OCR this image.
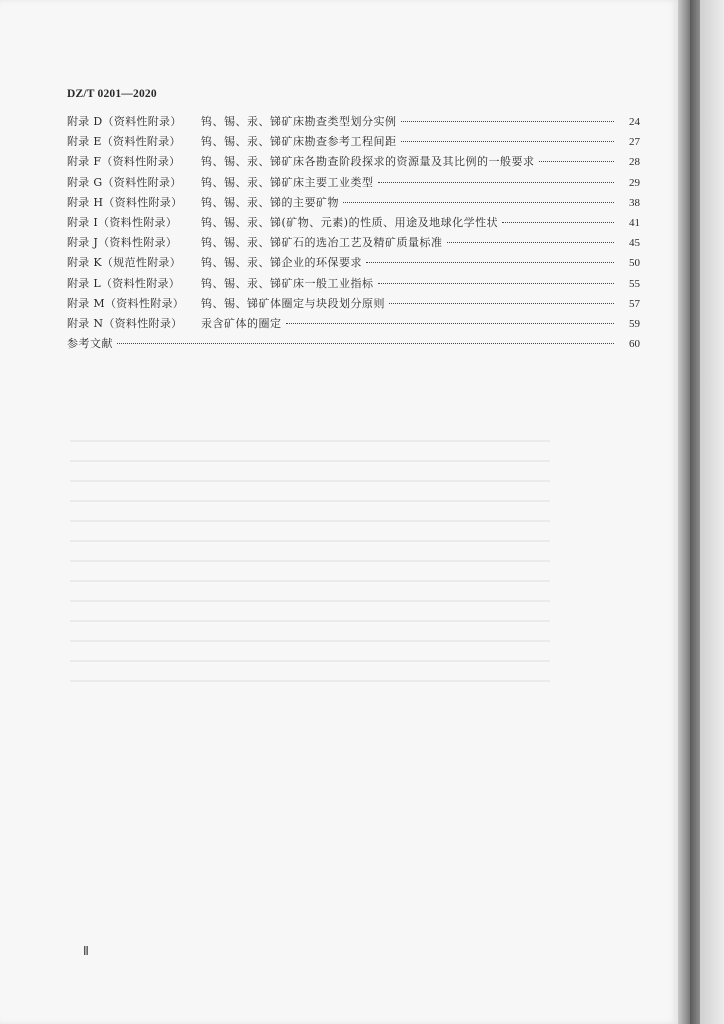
DZ/T 0201—2020
附录 D（资料性附录）	钨、锡、汞、锑矿床勘查类型划分实例	24
附录 E（资料性附录）	钨、锡、汞、锑矿床勘查参考工程间距	27
附录 F（资料性附录）	钨、锡、汞、锑矿床各勘查阶段探求的资源量及其比例的一般要求	28
附录 G（资料性附录）	钨、锡、汞、锑矿床主要工业类型	29
附录 H（资料性附录）	钨、锡、汞、锑的主要矿物	38
附录 I（资料性附录）	钨、锡、汞、锑(矿物、元素)的性质、用途及地球化学性状	41
附录 J（资料性附录）	钨、锡、汞、锑矿石的选冶工艺及精矿质量标准	45
附录 K（规范性附录）	钨、锡、汞、锑企业的环保要求	50
附录 L（资料性附录）	钨、锡、汞、锑矿床一般工业指标	55
附录 M（资料性附录）	钨、锡、锑矿体圈定与块段划分原则	57
附录 N（资料性附录）	汞含矿体的圈定	59
参考文献	60
Ⅱ
